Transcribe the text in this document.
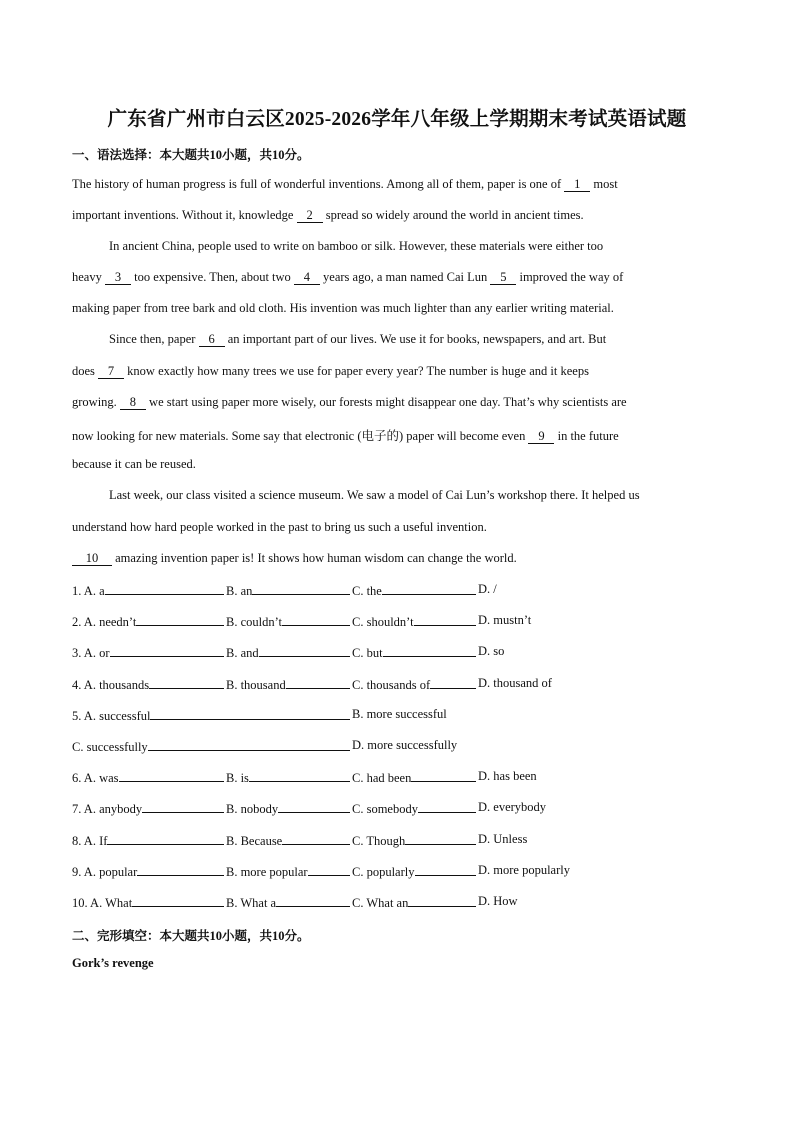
广东省广州市白云区2025-2026学年八年级上学期期末考试英语试题
一、语法选择：本大题共10小题，共10分。
The history of human progress is full of wonderful inventions. Among all of them, paper is one of 1 most
important inventions. Without it, knowledge 2 spread so widely around the world in ancient times.
In ancient China, people used to write on bamboo or silk. However, these materials were either too
heavy 3 too expensive. Then, about two 4 years ago, a man named Cai Lun 5 improved the way of
making paper from tree bark and old cloth. His invention was much lighter than any earlier writing material.
Since then, paper 6 an important part of our lives. We use it for books, newspapers, and art. But
does 7 know exactly how many trees we use for paper every year? The number is huge and it keeps
growing. 8 we start using paper more wisely, our forests might disappear one day. That’s why scientists are
now looking for new materials. Some say that electronic (电子的) paper will become even 9 in the future
because it can be reused.
Last week, our class visited a science museum. We saw a model of Cai Lun’s workshop there. It helped us
understand how hard people worked in the past to bring us such a useful invention.
10 amazing invention paper is! It shows how human wisdom can change the world.
1. A. a	B. an	C. the	D. /
2. A. needn’t	B. couldn’t	C. shouldn’t	D. mustn’t
3. A. or	B. and	C. but	D. so
4. A. thousands	B. thousand	C. thousands of	D. thousand of
5. A. successful	B. more successful
C. successfully	D. more successfully
6. A. was	B. is	C. had been	D. has been
7. A. anybody	B. nobody	C. somebody	D. everybody
8. A. If	B. Because	C. Though	D. Unless
9. A. popular	B. more popular	C. popularly	D. more popularly
10. A. What	B. What a	C. What an	D. How
二、完形填空：本大题共10小题，共10分。
Gork’s revenge
